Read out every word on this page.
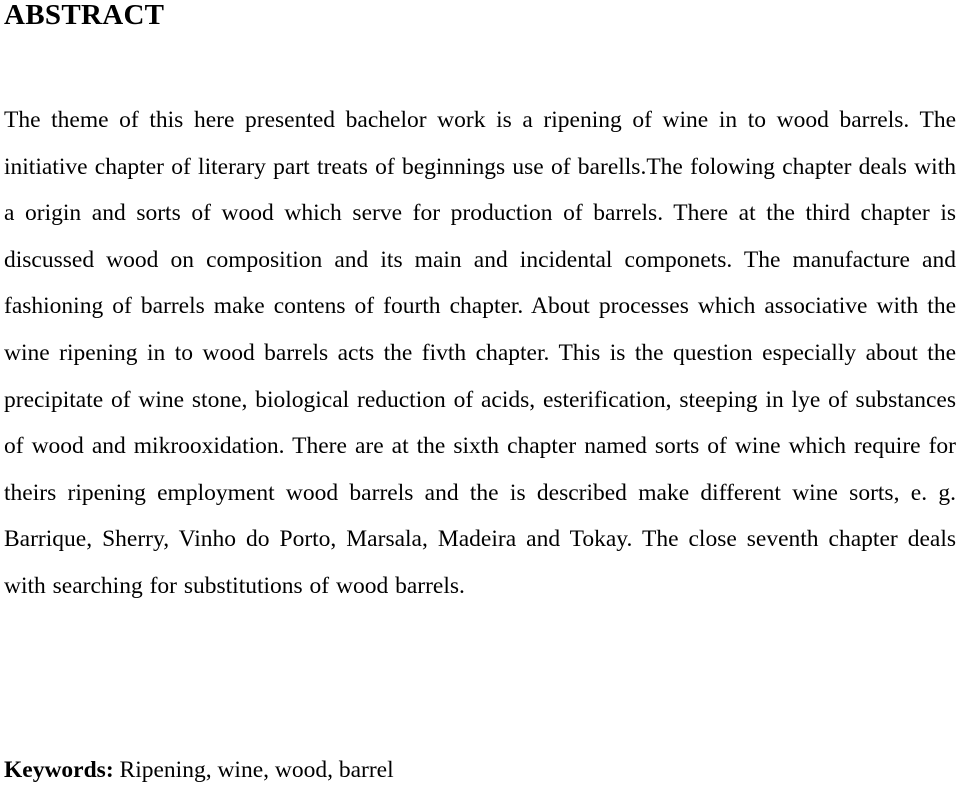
ABSTRACT

The theme of this here presented bachelor work is a ripening of wine in to wood barrels. The initiative chapter of literary part treats of beginnings use of barells.The folowing chapter deals with a origin and sorts of wood which serve for production of barrels. There at the third chapter is discussed wood on composition and its main and incidental componets. The manufacture and fashioning of barrels make contens of fourth chapter. About processes which associative with the wine ripening in to wood barrels acts the fivth chapter. This is the question especially about the precipitate of wine stone, biological reduction of acids, esterification, steeping in lye of substances of wood and mikrooxidation. There are at the sixth chapter named sorts of wine which require for theirs ripening employment wood barrels and the is described make different wine sorts, e. g. Barrique, Sherry, Vinho do Porto, Marsala, Madeira and Tokay. The close seventh chapter deals with searching for substitutions of wood barrels.

Keywords: Ripening, wine, wood, barrel
